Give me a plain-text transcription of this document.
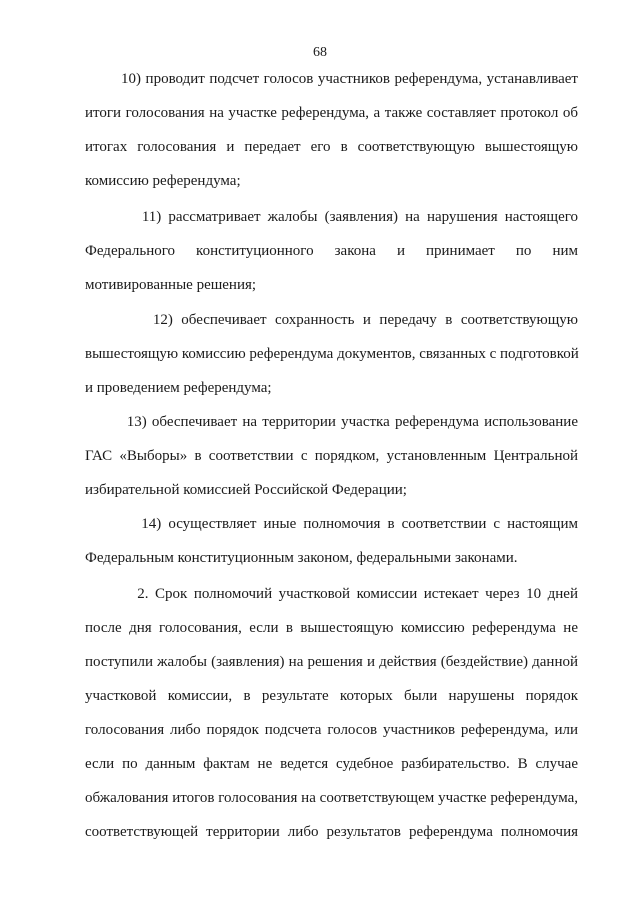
68

10) проводит подсчет голосов участников референдума, устанавливает

итоги голосования на участке референдума, а также составляет протокол об

итогах голосования и передает его в соответствующую вышестоящую

комиссию референдума;

11) рассматривает жалобы (заявления) на нарушения настоящего

Федерального конституционного закона и принимает по ним

мотивированные решения;

12) обеспечивает сохранность и передачу в соответствующую

вышестоящую комиссию референдума документов, связанных с подготовкой

и проведением референдума;

13) обеспечивает на территории участка референдума использование

ГАС «Выборы» в соответствии с порядком, установленным Центральной

избирательной комиссией Российской Федерации;

14) осуществляет иные полномочия в соответствии с настоящим

Федеральным конституционным законом, федеральными законами.

2. Срок полномочий участковой комиссии истекает через 10 дней

после дня голосования, если в вышестоящую комиссию референдума не

поступили жалобы (заявления) на решения и действия (бездействие) данной

участковой комиссии, в результате которых были нарушены порядок

голосования либо порядок подсчета голосов участников референдума, или

если по данным фактам не ведется судебное разбирательство. В случае

обжалования итогов голосования на соответствующем участке референдума,

соответствующей территории либо результатов референдума полномочия
